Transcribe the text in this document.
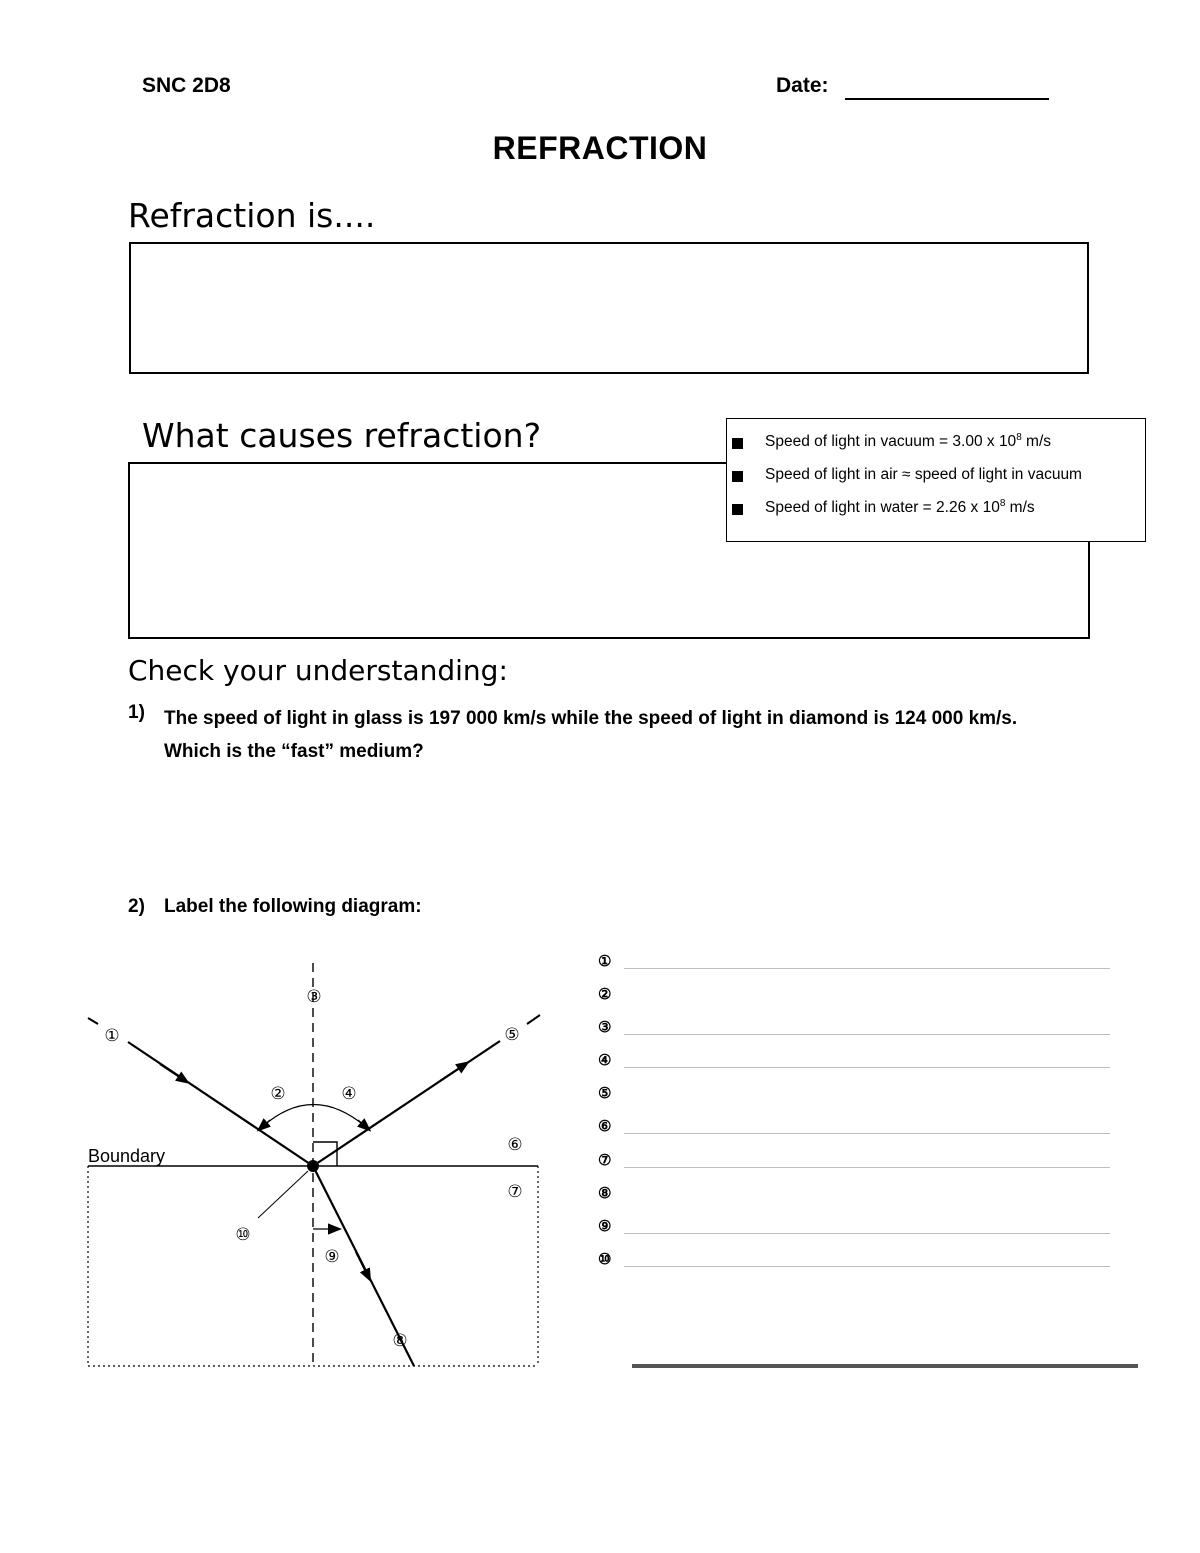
SNC 2D8	Date:
REFRACTION
Refraction is....
What causes refraction?	Speed of light in vacuum = 3.00 x $10^8$ m/s
Speed of light in air ≈ speed of light in vacuum
Speed of light in water = 2.26 x $10^8$ m/s
Check your understanding:
1) The speed of light in glass is 197 000 km/s while the speed of light in diamond is 124 000 km/s. Which is the “fast” medium?
2) Label the following diagram:
Boundary
①
②
③
④
⑤
⑥
⑦
⑧
⑨
⑩
①
②
③
④
⑤
⑥
⑦
⑧
⑨
⑩
